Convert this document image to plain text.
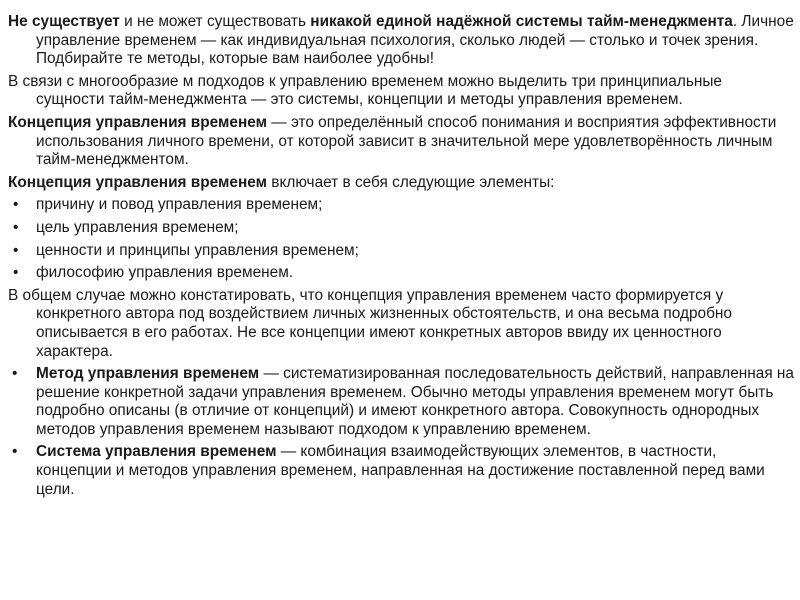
Не существует и не может существовать никакой единой надёжной системы тайм-менеджмента. Личное управление временем — как индивидуальная психология, сколько людей — столько и точек зрения. Подбирайте те методы, которые вам наиболее удобны!

В связи с многообразие м подходов к управлению временем можно выделить три принципиальные сущности тайм-менеджмента — это системы, концепции и методы управления временем.

Концепция управления временем — это определённый способ понимания и восприятия эффективности использования личного времени, от которой зависит в значительной мере удовлетворённость личным тайм-менеджментом.

Концепция управления временем включает в себя следующие элементы:

• причину и повод управления временем;
• цель управления временем;
• ценности и принципы управления временем;
• философию управления временем.

В общем случае можно констатировать, что концепция управления временем часто формируется у конкретного автора под воздействием личных жизненных обстоятельств, и она весьма подробно описывается в его работах. Не все концепции имеют конкретных авторов ввиду их ценностного характера.

• Метод управления временем — систематизированная последовательность действий, направленная на решение конкретной задачи управления временем. Обычно методы управления временем могут быть подробно описаны (в отличие от концепций) и имеют конкретного автора. Совокупность однородных методов управления временем называют подходом к управлению временем.

• Система управления временем — комбинация взаимодействующих элементов, в частности, концепции и методов управления временем, направленная на достижение поставленной перед вами цели.
